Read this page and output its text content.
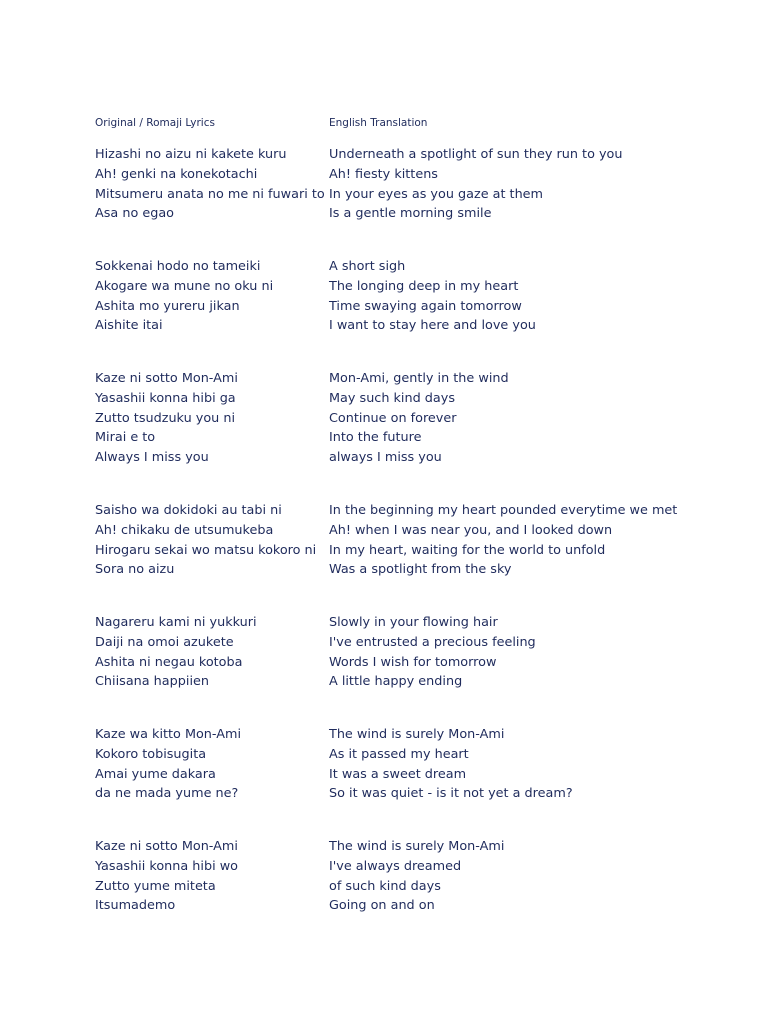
Original / Romaji Lyrics	English Translation
Hizashi no aizu ni kakete kuru
Ah! genki na konekotachi
Mitsumeru anata no me ni fuwari to
Asa no egao
Underneath a spotlight of sun they run to you
Ah! fiesty kittens
In your eyes as you gaze at them
Is a gentle morning smile
Sokkenai hodo no tameiki
Akogare wa mune no oku ni
Ashita mo yureru jikan
Aishite itai
A short sigh
The longing deep in my heart
Time swaying again tomorrow
I want to stay here and love you
Kaze ni sotto Mon-Ami
Yasashii konna hibi ga
Zutto tsudzuku you ni
Mirai e to
Always I miss you
Mon-Ami, gently in the wind
May such kind days
Continue on forever
Into the future
always I miss you
Saisho wa dokidoki au tabi ni
Ah! chikaku de utsumukeba
Hirogaru sekai wo matsu kokoro ni
Sora no aizu
In the beginning my heart pounded everytime we met
Ah! when I was near you, and I looked down
In my heart, waiting for the world to unfold
Was a spotlight from the sky
Nagareru kami ni yukkuri
Daiji na omoi azukete
Ashita ni negau kotoba
Chiisana happiien
Slowly in your flowing hair
I've entrusted a precious feeling
Words I wish for tomorrow
A little happy ending
Kaze wa kitto Mon-Ami
Kokoro tobisugita
Amai yume dakara
da ne mada yume ne?
The wind is surely Mon-Ami
As it passed my heart
It was a sweet dream
So it was quiet - is it not yet a dream?
Kaze ni sotto Mon-Ami
Yasashii konna hibi wo
Zutto yume miteta
Itsumademo
The wind is surely Mon-Ami
I've always dreamed
of such kind days
Going on and on
